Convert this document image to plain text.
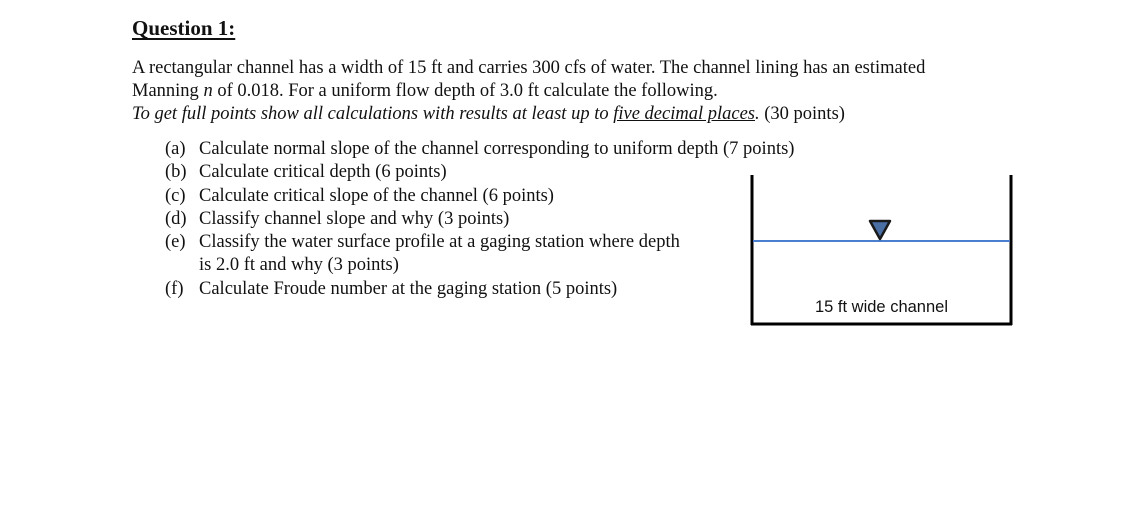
Question 1:
A rectangular channel has a width of 15 ft and carries 300 cfs of water. The channel lining has an estimated
Manning n of 0.018. For a uniform flow depth of 3.0 ft calculate the following.
To get full points show all calculations with results at least up to five decimal places. (30 points)
(a) Calculate normal slope of the channel corresponding to uniform depth (7 points)
(b) Calculate critical depth (6 points)
(c) Calculate critical slope of the channel (6 points)
(d) Classify channel slope and why (3 points)
(e) Classify the water surface profile at a gaging station where depth
is 2.0 ft and why (3 points)
(f) Calculate Froude number at the gaging station (5 points)
15 ft wide channel
